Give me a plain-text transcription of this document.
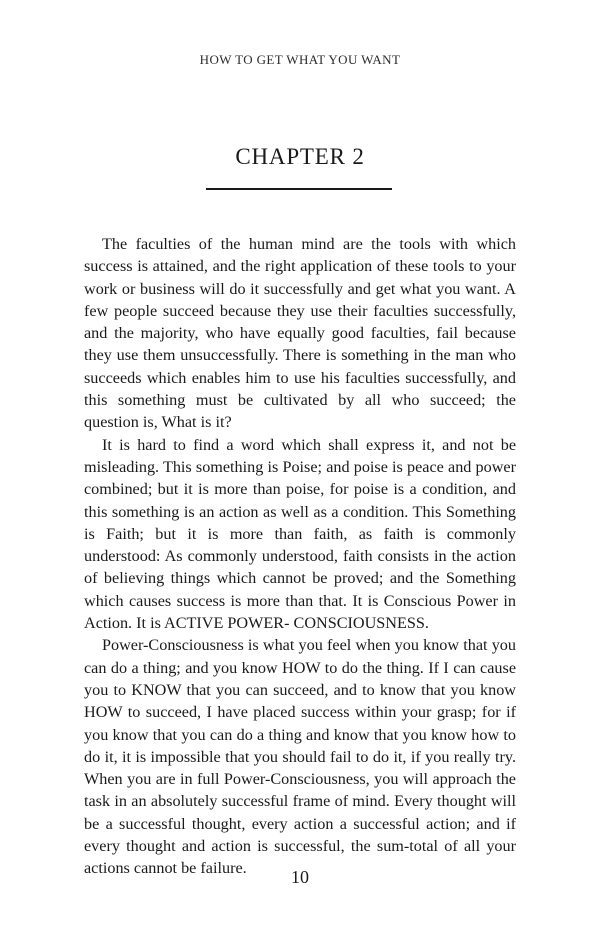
HOW TO GET WHAT YOU WANT
CHAPTER 2

The faculties of the human mind are the tools with which success is attained, and the right application of these tools to your work or business will do it successfully and get what you want. A few people succeed because they use their faculties successfully, and the majority, who have equally good faculties, fail because they use them unsuccessfully. There is something in the man who succeeds which enables him to use his faculties successfully, and this something must be cultivated by all who succeed; the question is, What is it?

It is hard to find a word which shall express it, and not be misleading. This something is Poise; and poise is peace and power combined; but it is more than poise, for poise is a condition, and this something is an action as well as a condition. This Something is Faith; but it is more than faith, as faith is commonly understood: As commonly understood, faith consists in the action of believing things which cannot be proved; and the Something which causes success is more than that. It is Conscious Power in Action. It is ACTIVE POWER- CONSCIOUSNESS.

Power-Consciousness is what you feel when you know that you can do a thing; and you know HOW to do the thing. If I can cause you to KNOW that you can succeed, and to know that you know HOW to succeed, I have placed success within your grasp; for if you know that you can do a thing and know that you know how to do it, it is impossible that you should fail to do it, if you really try. When you are in full Power-Consciousness, you will approach the task in an absolutely successful frame of mind. Every thought will be a successful thought, every action a successful action; and if every thought and action is successful, the sum-total of all your actions cannot be failure.	10
